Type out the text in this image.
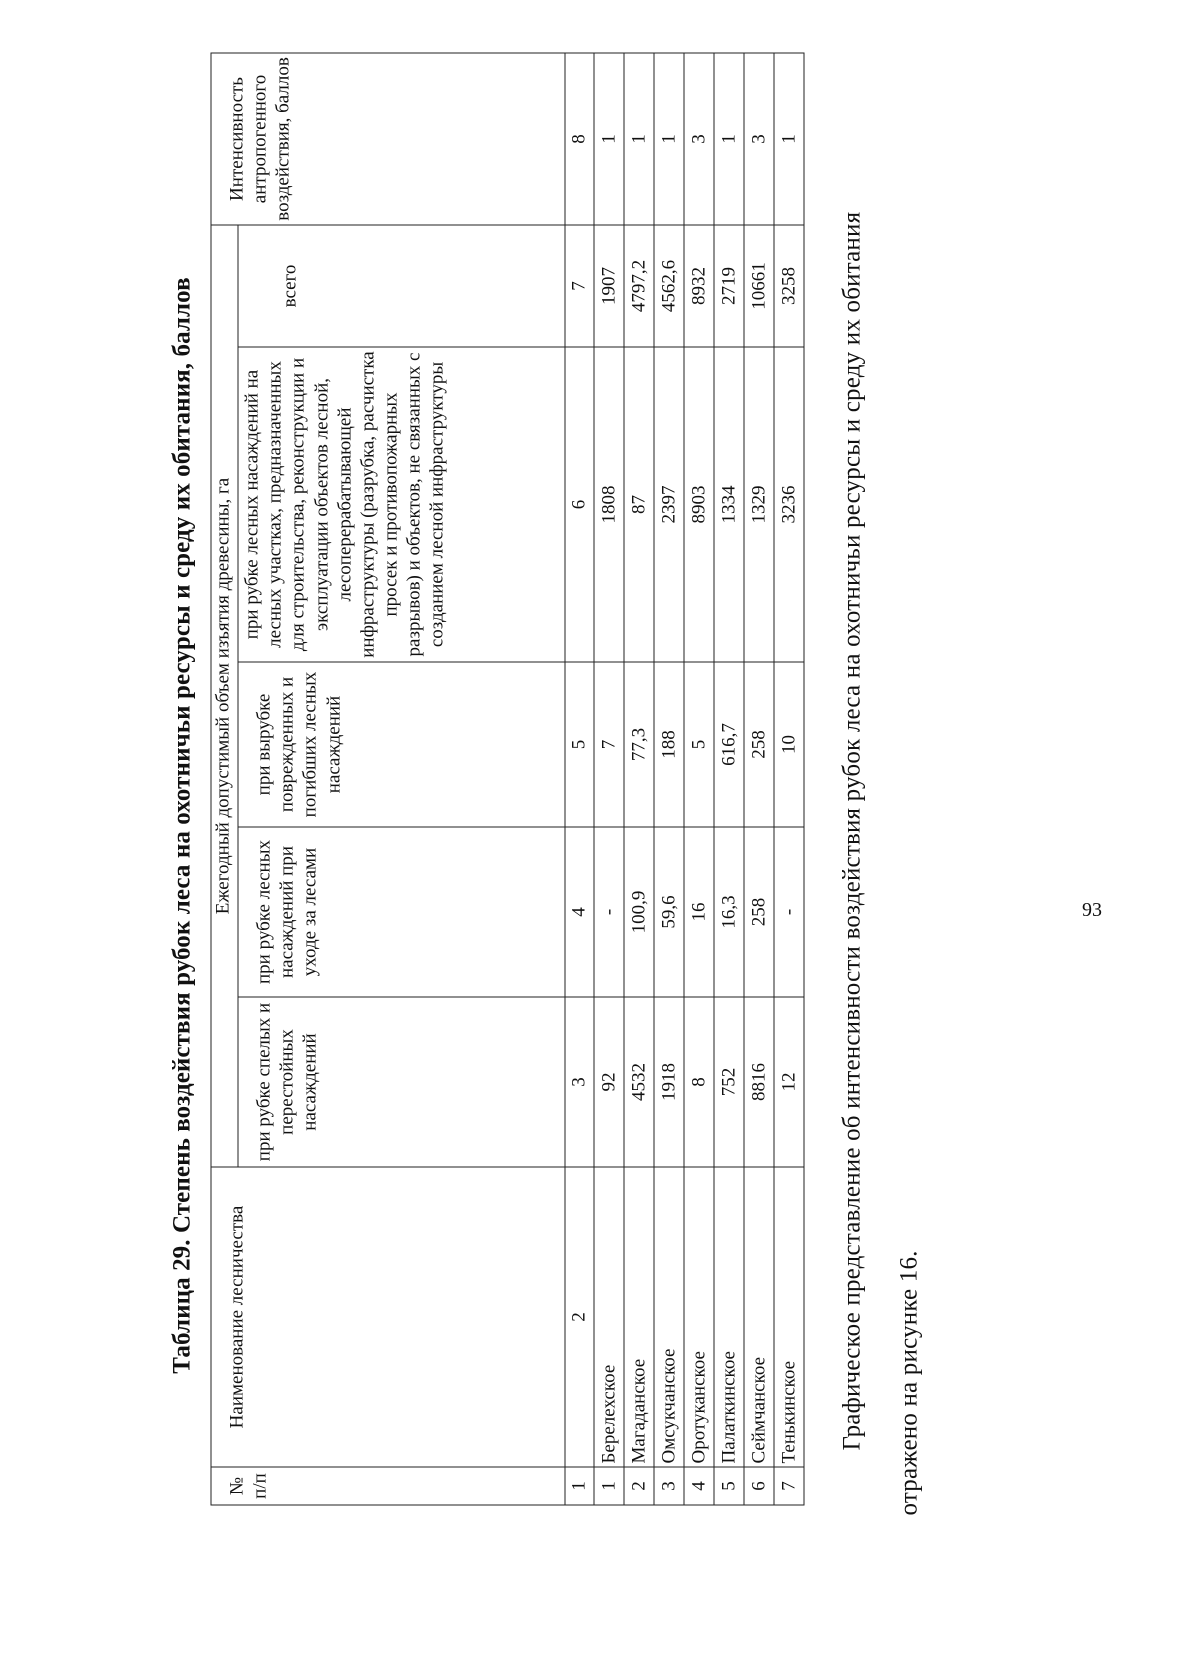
93
Таблица 29. Степень воздействия рубок леса на охотничьи ресурсы и среду их обитания, баллов
№ п/п	Наименование лесничества	Ежегодный допустимый объем изъятия древесины, га					Интенсивность антропогенного воздействия, баллов

		при рубке спелых и перестойных насаждений	при рубке лесных насаждений при уходе за лесами	при вырубке поврежденных и погибших лесных насаждений	при рубке лесных насаждений на лесных участках, предназначенных для строительства, реконструкции и эксплуатации объектов лесной, лесоперерабатывающей инфраструктуры (разрубка, расчистка просек и противопожарных разрывов) и объектов, не связанных с созданием лесной инфраструктуры	всего	

1	2	3	4	5	6	7	8
1	Берелехское	92	-	7	1808	1907	1
2	Магаданское	4532	100,9	77,3	87	4797,2	1
3	Омсукчанское	1918	59,6	188	2397	4562,6	1
4	Оротуканское	8	16	5	8903	8932	3
5	Палаткинское	752	16,3	616,7	1334	2719	1
6	Сеймчанское	8816	258	258	1329	10661	3
7	Тенькинское	12	-	10	3236	3258	1
Графическое представление об интенсивности воздействия рубок леса на охотничьи ресурсы и среду их обитания отражено на рисунке 16.
